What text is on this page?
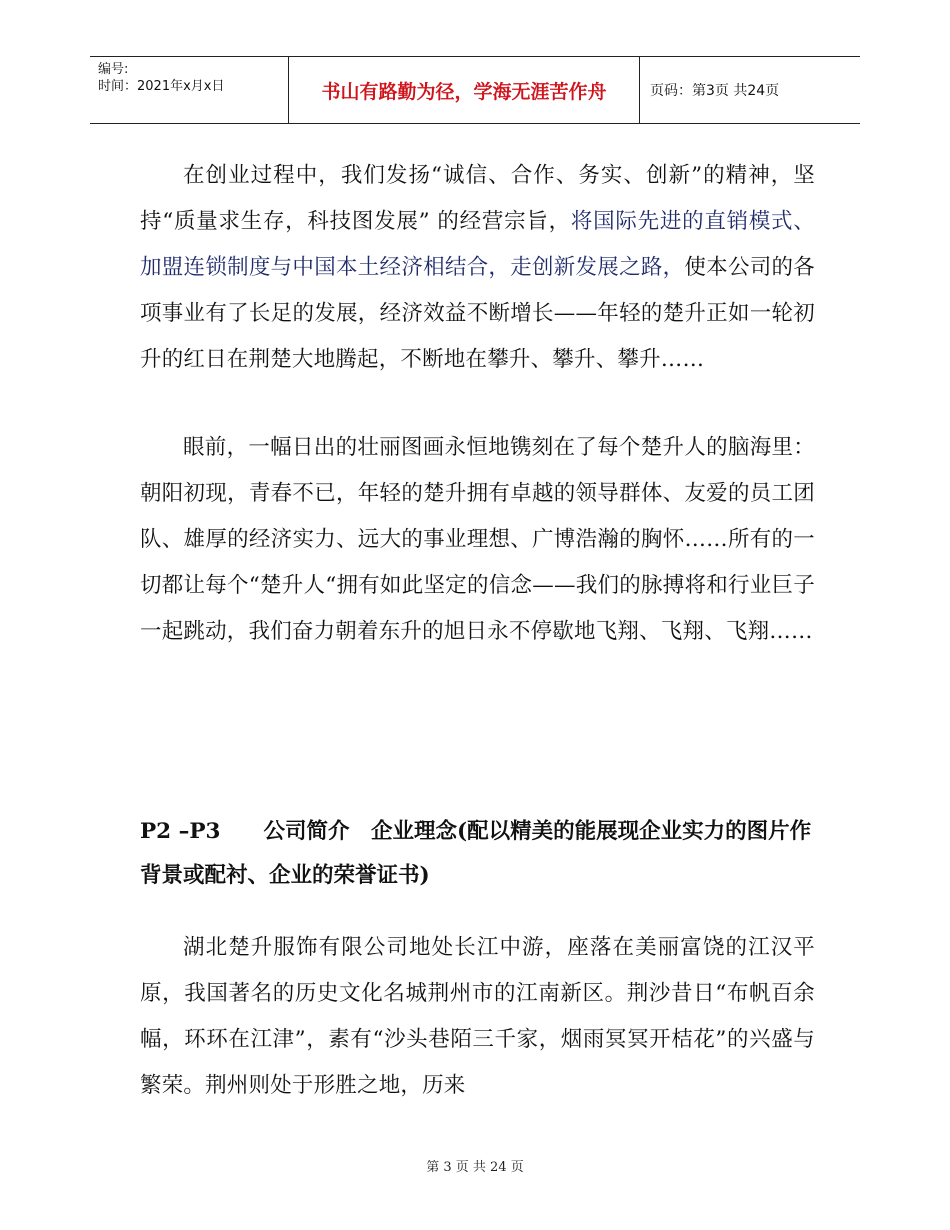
编号:
时间：2021年x月x日	书山有路勤为径，学海无涯苦作舟	页码：第3页 共24页

在创业过程中，我们发扬“诚信、合作、务实、创新”的精神，坚持“质量求生存，科技图发展” 的经营宗旨，将国际先进的直销模式、加盟连锁制度与中国本土经济相结合，走创新发展之路，使本公司的各项事业有了长足的发展，经济效益不断增长——年轻的楚升正如一轮初升的红日在荆楚大地腾起，不断地在攀升、攀升、攀升……

眼前，一幅日出的壮丽图画永恒地镌刻在了每个楚升人的脑海里：朝阳初现，青春不已，年轻的楚升拥有卓越的领导群体、友爱的员工团队、雄厚的经济实力、远大的事业理想、广博浩瀚的胸怀……所有的一切都让每个“楚升人“拥有如此坚定的信念——我们的脉搏将和行业巨子一起跳动，我们奋力朝着东升的旭日永不停歇地飞翔、飞翔、飞翔……

P2 –P3　　公司简介　企业理念(配以精美的能展现企业实力的图片作背景或配衬、企业的荣誉证书)

湖北楚升服饰有限公司地处长江中游，座落在美丽富饶的江汉平原，我国著名的历史文化名城荆州市的江南新区。荆沙昔日“布帆百余幅，环环在江津”，素有“沙头巷陌三千家，烟雨冥冥开桔花”的兴盛与繁荣。荆州则处于形胜之地，历来

第 3 页 共 24 页
